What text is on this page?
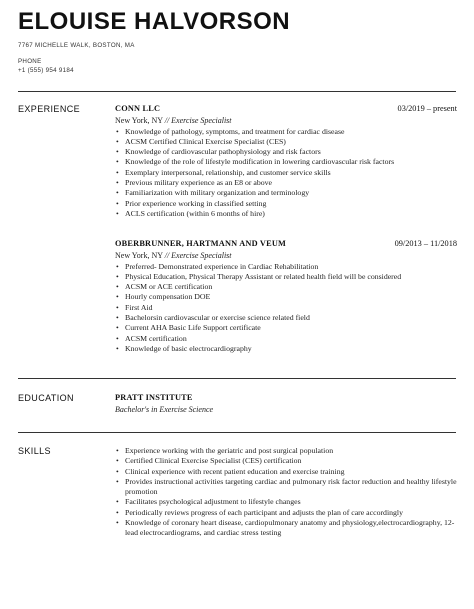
ELOUISE HALVORSON
7767 MICHELLE WALK, BOSTON, MA
PHONE
+1 (555) 954 9184
EXPERIENCE	CONN LLC	03/2019 – present
New York, NY // Exercise Specialist
• Knowledge of pathology, symptoms, and treatment for cardiac disease
• ACSM Certified Clinical Exercise Specialist (CES)
• Knowledge of cardiovascular pathophysiology and risk factors
• Knowledge of the role of lifestyle modification in lowering cardiovascular risk factors
• Exemplary interpersonal, relationship, and customer service skills
• Previous military experience as an E8 or above
• Familiarization with military organization and terminology
• Prior experience working in classified setting
• ACLS certification (within 6 months of hire)
OBERBRUNNER, HARTMANN AND VEUM	09/2013 – 11/2018
New York, NY // Exercise Specialist
• Preferred- Demonstrated experience in Cardiac Rehabilitation
• Physical Education, Physical Therapy Assistant or related health field will be considered
• ACSM or ACE certification
• Hourly compensation DOE
• First Aid
• Bachelorsin cardiovascular or exercise science related field
• Current AHA Basic Life Support certificate
• ACSM certification
• Knowledge of basic electrocardiography
EDUCATION	PRATT INSTITUTE
Bachelor's in Exercise Science
SKILLS
•	Experience working with the geriatric and post surgical population
• Certified Clinical Exercise Specialist (CES) certification
• Clinical experience with recent patient education and exercise training
• Provides instructional activities targeting cardiac and pulmonary risk factor reduction and healthy lifestyle promotion
• Facilitates psychological adjustment to lifestyle changes
• Periodically reviews progress of each participant and adjusts the plan of care accordingly
• Knowledge of coronary heart disease, cardiopulmonary anatomy and physiology,electrocardiography, 12-lead electrocardiograms, and cardiac stress testing
